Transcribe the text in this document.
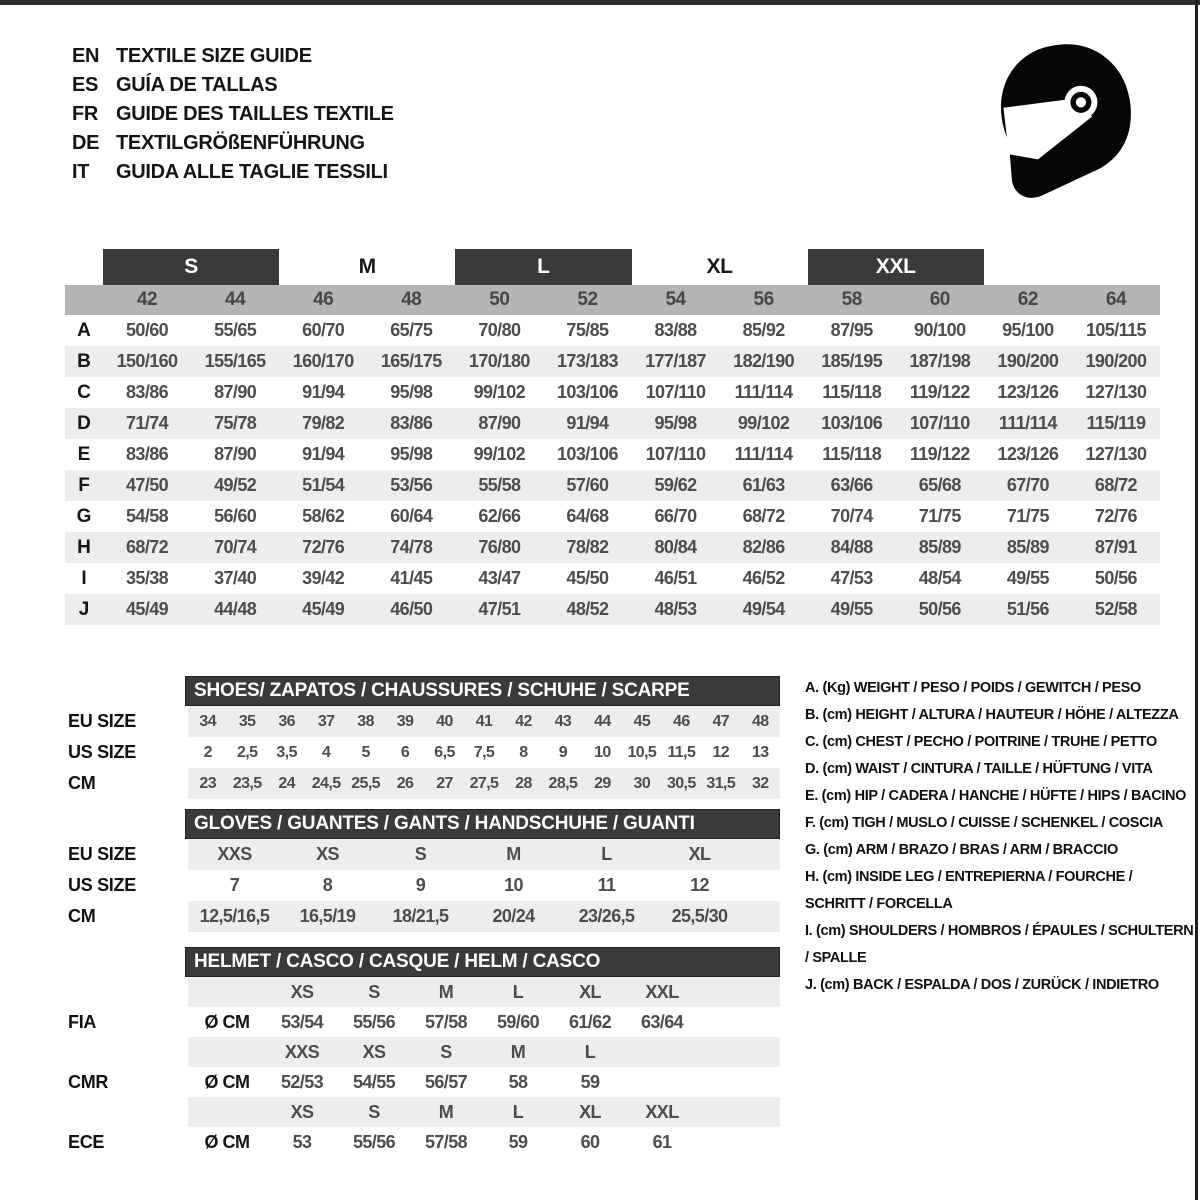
EN TEXTILE SIZE GUIDE
ES GUÍA DE TALLAS
FR GUIDE DES TAILLES TEXTILE
DE TEXTILGRÖßENFÜHRUNG
IT	GUIDA ALLE TAGLIE TESSILI
S	M	L	XL	XXL
42	44	46	48	50	52	54	56	58	60	62	64
A	50/60	55/65	60/70	65/75	70/80	75/85	83/88	85/92	87/95	90/100	95/100	105/115
B	150/160	155/165	160/170	165/175	170/180	173/183	177/187	182/190	185/195	187/198	190/200	190/200
C	83/86	87/90	91/94	95/98	99/102	103/106	107/110	111/114	115/118	119/122	123/126	127/130
D	71/74	75/78	79/82	83/86	87/90	91/94	95/98	99/102	103/106	107/110	111/114	115/119
E	83/86	87/90	91/94	95/98	99/102	103/106	107/110	111/114	115/118	119/122	123/126	127/130
F	47/50	49/52	51/54	53/56	55/58	57/60	59/62	61/63	63/66	65/68	67/70	68/72
G	54/58	56/60	58/62	60/64	62/66	64/68	66/70	68/72	70/74	71/75	71/75	72/76
H	68/72	70/74	72/76	74/78	76/80	78/82	80/84	82/86	84/88	85/89	85/89	87/91
I	35/38	37/40	39/42	41/45	43/47	45/50	46/51	46/52	47/53	48/54	49/55	50/56
J	45/49	44/48	45/49	46/50	47/51	48/52	48/53	49/54	49/55	50/56	51/56	52/58
SHOES/ ZAPATOS / CHAUSSURES / SCHUHE / SCARPE
EU SIZE	34	35	36	37	38	39	40	41	42	43	44	45	46	47	48
US SIZE	2	2,5	3,5	4	5	6	6,5	7,5	8	9	10	10,5 11,5	12	13
CM	23	23,5	24	24,5 25,5	26	27	27,5	28	28,5	29	30	30,5 31,5	32
GLOVES / GUANTES / GANTS / HANDSCHUHE / GUANTI
EU SIZE	XXS	XS	S	M	L	XL
US SIZE	7	8	9	10	11	12
CM	12,5/16,5	16,5/19	18/21,5	20/24	23/26,5	25,5/30
HELMET / CASCO / CASQUE / HELM / CASCO
XS	S	M	L	XL	XXL
FIA	Ø CM	53/54	55/56	57/58	59/60	61/62	63/64
XXS	XS	S	M	L
CMR	Ø CM	52/53	54/55	56/57	58	59
XS	S	M	L	XL	XXL
ECE	Ø CM	53	55/56	57/58	59	60	61
A. (Kg) WEIGHT / PESO / POIDS / GEWITCH / PESO
B. (cm) HEIGHT / ALTURA / HAUTEUR / HÖHE / ALTEZZA
C. (cm) CHEST / PECHO / POITRINE / TRUHE / PETTO
D. (cm) WAIST / CINTURA / TAILLE / HÜFTUNG / VITA
E. (cm) HIP / CADERA / HANCHE / HÜFTE / HIPS / BACINO
F. (cm) TIGH / MUSLO / CUISSE / SCHENKEL / COSCIA
G. (cm) ARM / BRAZO / BRAS / ARM / BRACCIO
H. (cm) INSIDE LEG / ENTREPIERNA / FOURCHE / SCHRITT / FORCELLA
I. (cm) SHOULDERS / HOMBROS / ÉPAULES / SCHULTERN / SPALLE
J. (cm) BACK / ESPALDA / DOS / ZURÜCK / INDIETRO
